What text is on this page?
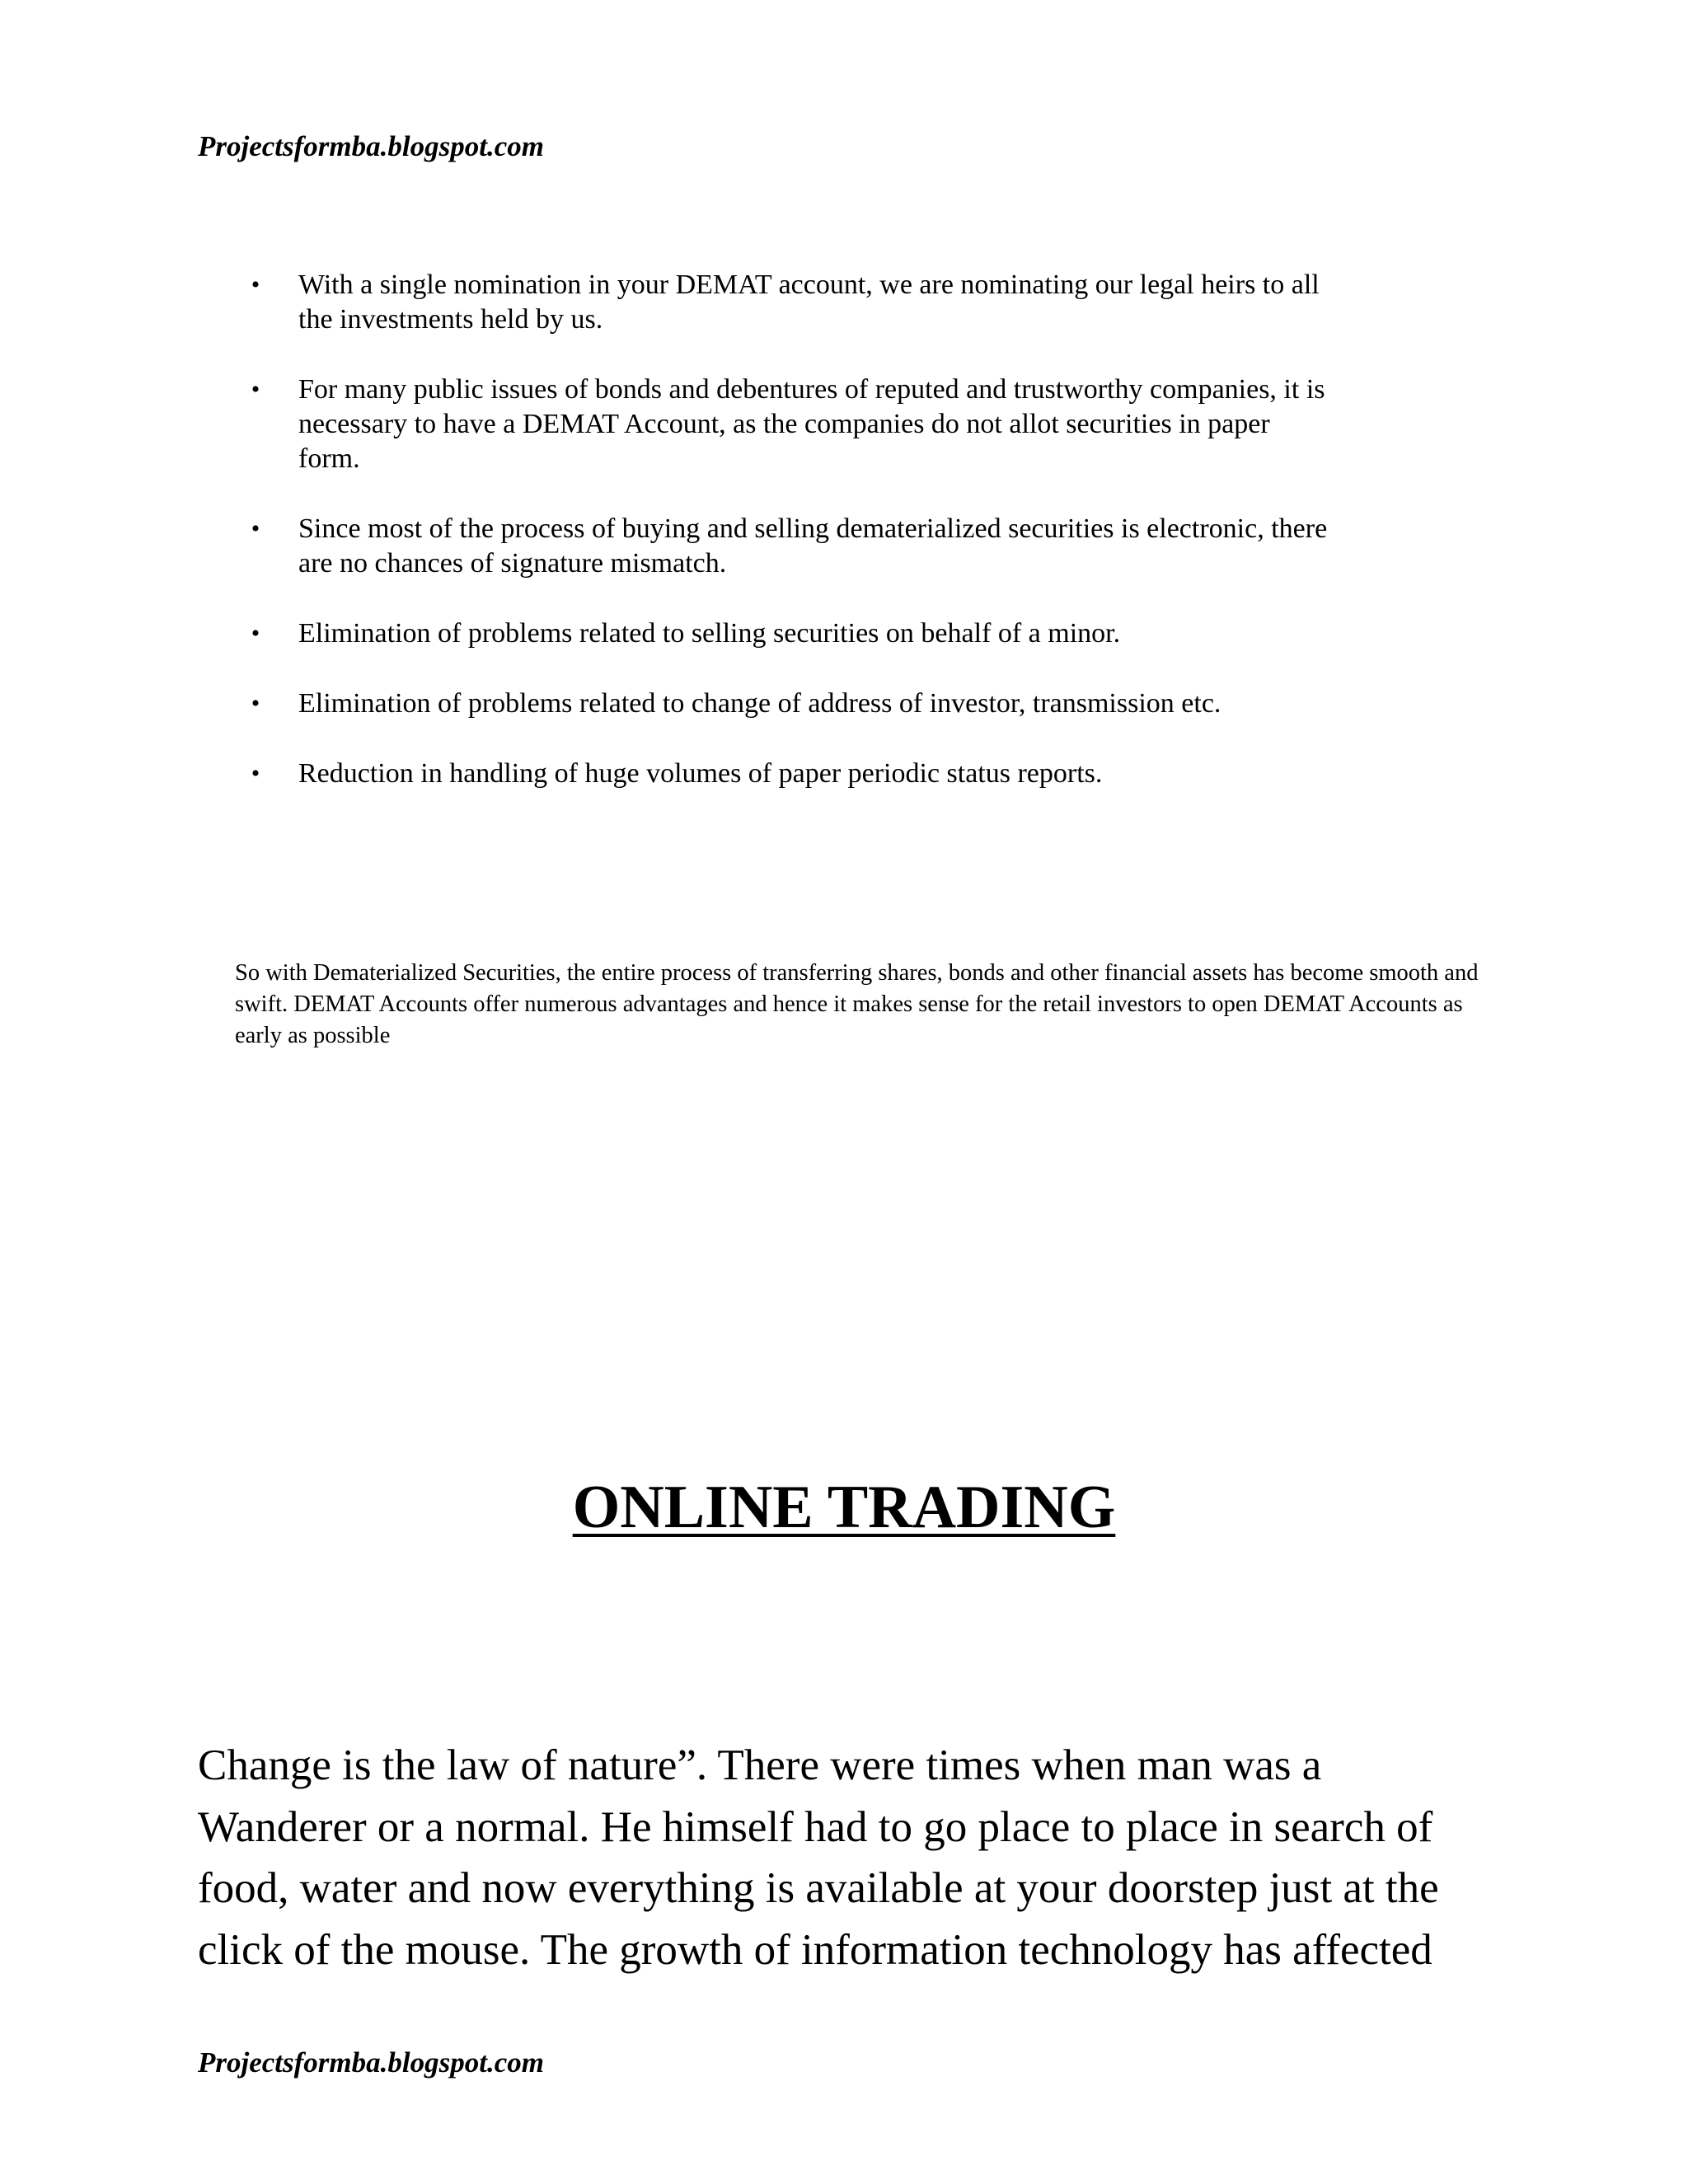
Projectsformba.blogspot.com
• With a single nomination in your DEMAT account, we are nominating our legal heirs to all the investments held by us.
• For many public issues of bonds and debentures of reputed and trustworthy companies, it is necessary to have a DEMAT Account, as the companies do not allot securities in paper form.
• Since most of the process of buying and selling dematerialized securities is electronic, there are no chances of signature mismatch.
• Elimination of problems related to selling securities on behalf of a minor.
• Elimination of problems related to change of address of investor, transmission etc.
• Reduction in handling of huge volumes of paper periodic status reports.

So with Dematerialized Securities, the entire process of transferring shares, bonds and other financial assets has become smooth and swift. DEMAT Accounts offer numerous advantages and hence it makes sense for the retail investors to open DEMAT Accounts as early as possible

ONLINE TRADING

Change is the law of nature”. There were times when man was a Wanderer or a normal. He himself had to go place to place in search of food, water and now everything is available at your doorstep just at the click of the mouse. The growth of information technology has affected

Projectsformba.blogspot.com
